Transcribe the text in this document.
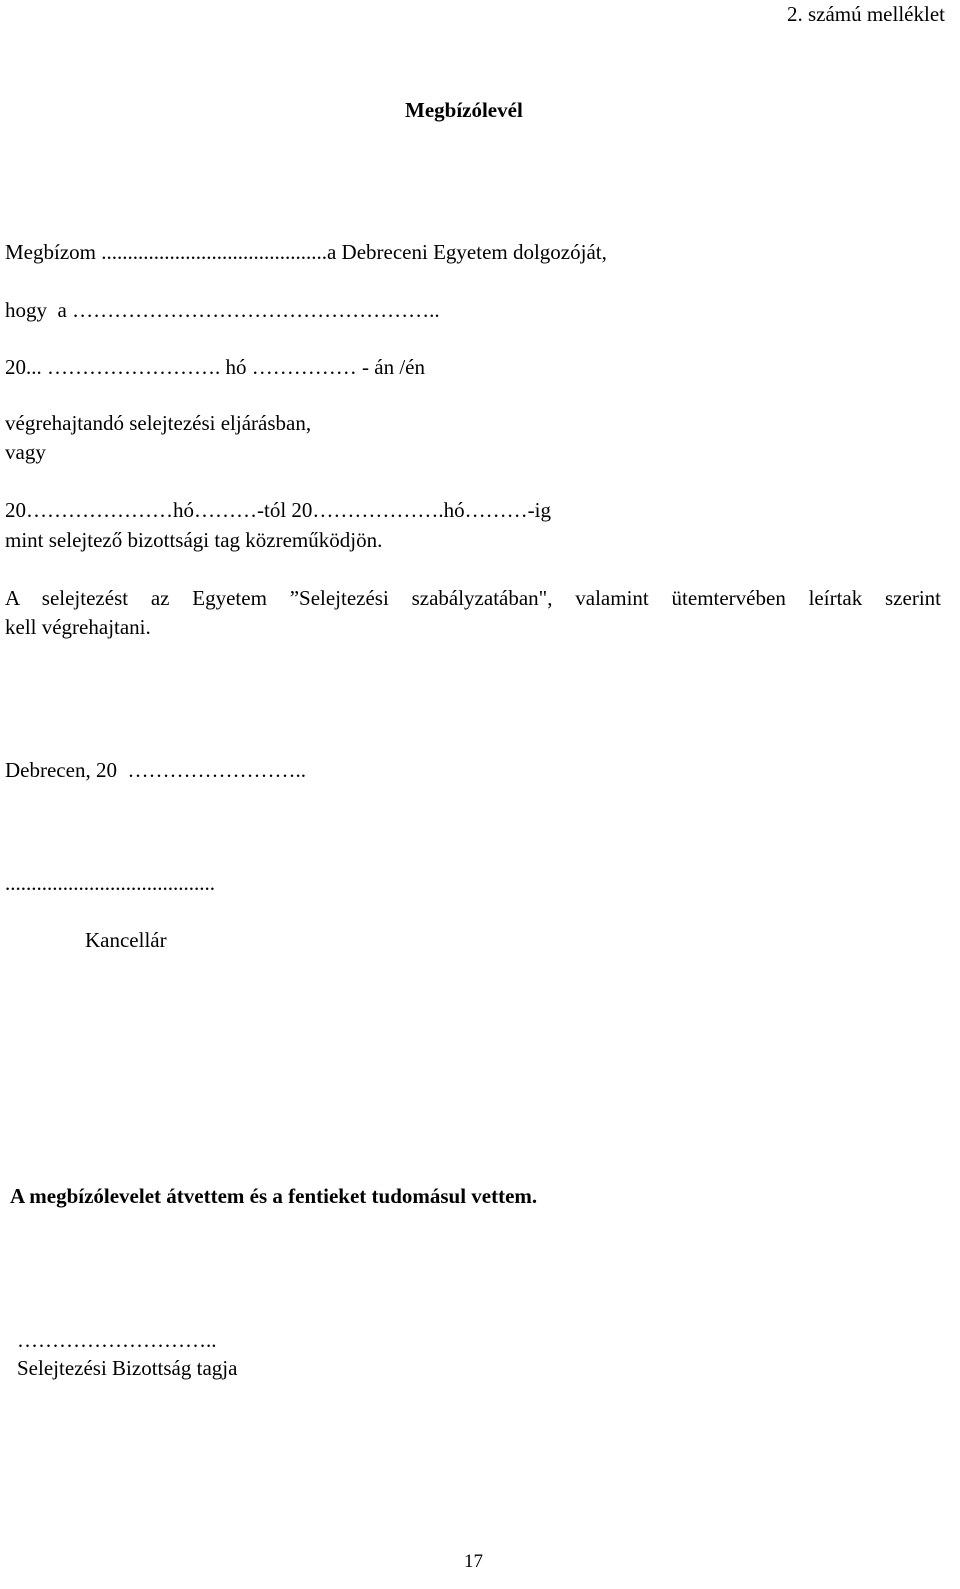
2. számú melléklet
Megbízólevél
Megbízom ...........................................a Debreceni Egyetem dolgozóját,
hogy  a ……………………………………………..
20... ……………………. hó …………… - án /én
végrehajtandó selejtezési eljárásban,
vagy
20…………………hó………-tól 20……………….hó………-ig
mint selejtező bizottsági tag közreműködjön.
A selejtezést az Egyetem ”Selejtezési szabályzatában", valamint ütemtervében leírtak szerint
kell végrehajtani.
Debrecen, 20  ……………………..
........................................
Kancellár
A megbízólevelet átvettem és a fentieket tudomásul vettem.
………………………..
Selejtezési Bizottság tagja
17
